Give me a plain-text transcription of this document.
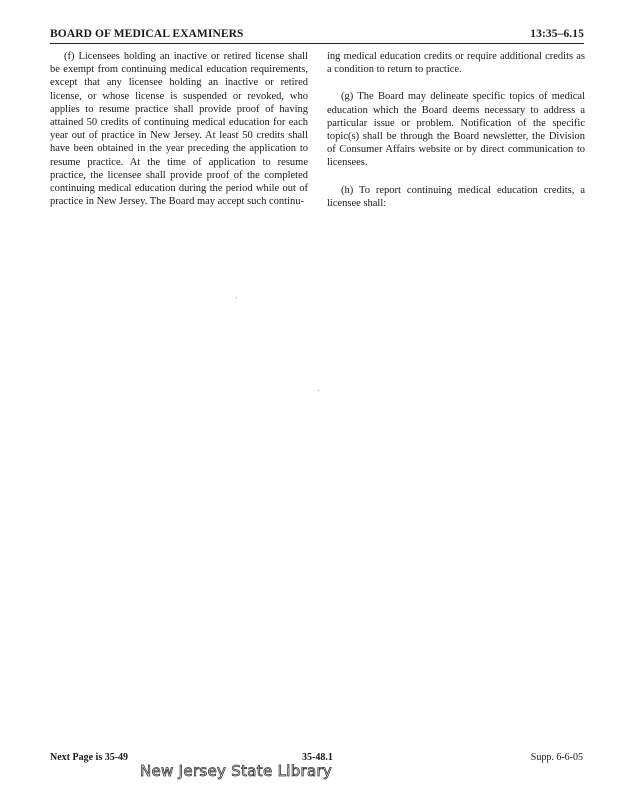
BOARD OF MEDICAL EXAMINERS	13:35–6.15

(f) Licensees holding an inactive or retired license shall be exempt from continuing medical education requirements, except that any licensee holding an inactive or retired license, or whose license is suspended or revoked, who applies to resume practice shall provide proof of having attained 50 credits of continuing medical education for each year out of practice in New Jersey. At least 50 credits shall have been obtained in the year preceding the application to resume practice. At the time of application to resume practice, the licensee shall provide proof of the completed continuing medical education during the period while out of practice in New Jersey. The Board may accept such continu-

ing medical education credits or require additional credits as a condition to return to practice.

(g) The Board may delineate specific topics of medical education which the Board deems necessary to address a particular issue or problem. Notification of the specific topic(s) shall be through the Board newsletter, the Division of Consumer Affairs website or by direct communication to licensees.

(h) To report continuing medical education credits, a licensee shall:

Next Page is 35-49	35-48.1	Supp. 6-6-05
New Jersey State Library
